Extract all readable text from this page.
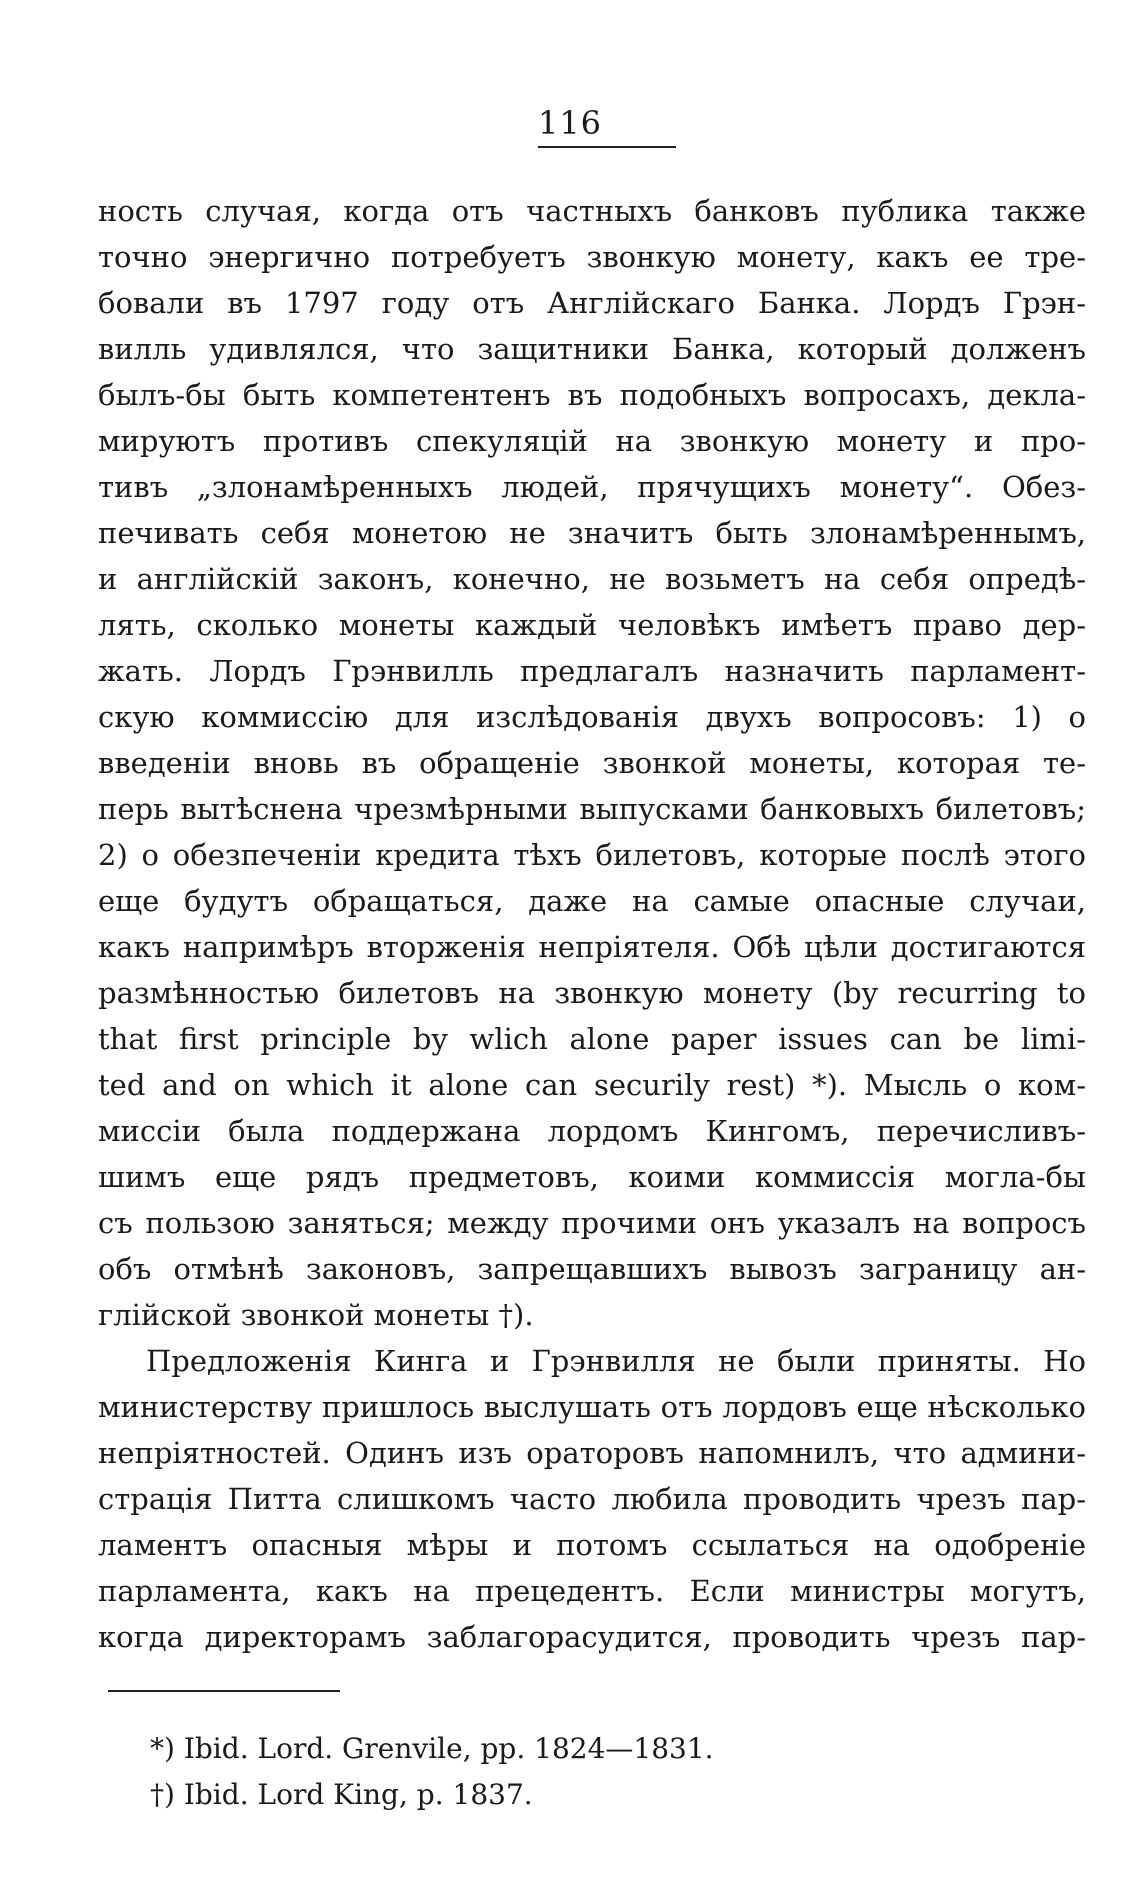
116
ность случая, когда отъ частныхъ банковъ публика также
точно энергично потребуетъ звонкую монету, какъ ее тре-
бовали въ 1797 году отъ Англійскаго Банка. Лордъ Грэн-
вилль удивлялся, что защитники Банка, который долженъ
былъ-бы быть компетентенъ въ подобныхъ вопросахъ, декла-
мируютъ противъ спекуляцій на звонкую монету и про-
тивъ „злонамѣренныхъ людей, прячущихъ монету“. Обез-
печивать себя монетою не значитъ быть злонамѣреннымъ,
и англійскій законъ, конечно, не возьметъ на себя опредѣ-
лять, сколько монеты каждый человѣкъ имѣетъ право дер-
жать. Лордъ Грэнвилль предлагалъ назначить парламент-
скую коммиссію для изслѣдованія двухъ вопросовъ: 1) о
введеніи вновь въ обращеніе звонкой монеты, которая те-
перь вытѣснена чрезмѣрными выпусками банковыхъ билетовъ;
2) о обезпеченіи кредита тѣхъ билетовъ, которые послѣ этого
еще будутъ обращаться, даже на самые опасные случаи,
какъ напримѣръ вторженія непріятеля. Обѣ цѣли достигаются
размѣнностью билетовъ на звонкую монету (by recurring to
that first principle by wlich alone paper issues can be limi-
ted and on which it alone can securily rest) *). Мысль о ком-
миссіи была поддержана лордомъ Кингомъ, перечисливъ-
шимъ еще рядъ предметовъ, коими коммиссія могла-бы
съ пользою заняться; между прочими онъ указалъ на вопросъ
объ отмѣнѣ законовъ, запрещавшихъ вывозъ заграницу ан-
глійской звонкой монеты †).
Предложенія Кинга и Грэнвилля не были приняты. Но
министерству пришлось выслушать отъ лордовъ еще нѣсколько
непріятностей. Одинъ изъ ораторовъ напомнилъ, что админи-
страція Питта слишкомъ часто любила проводить чрезъ пар-
ламентъ опасныя мѣры и потомъ ссылаться на одобреніе
парламента, какъ на прецедентъ. Если министры могутъ,
когда директорамъ заблагорасудится, проводить чрезъ пар-
*) Ibid. Lord. Grenvile, pp. 1824—1831.
†) Ibid. Lord King, p. 1837.
